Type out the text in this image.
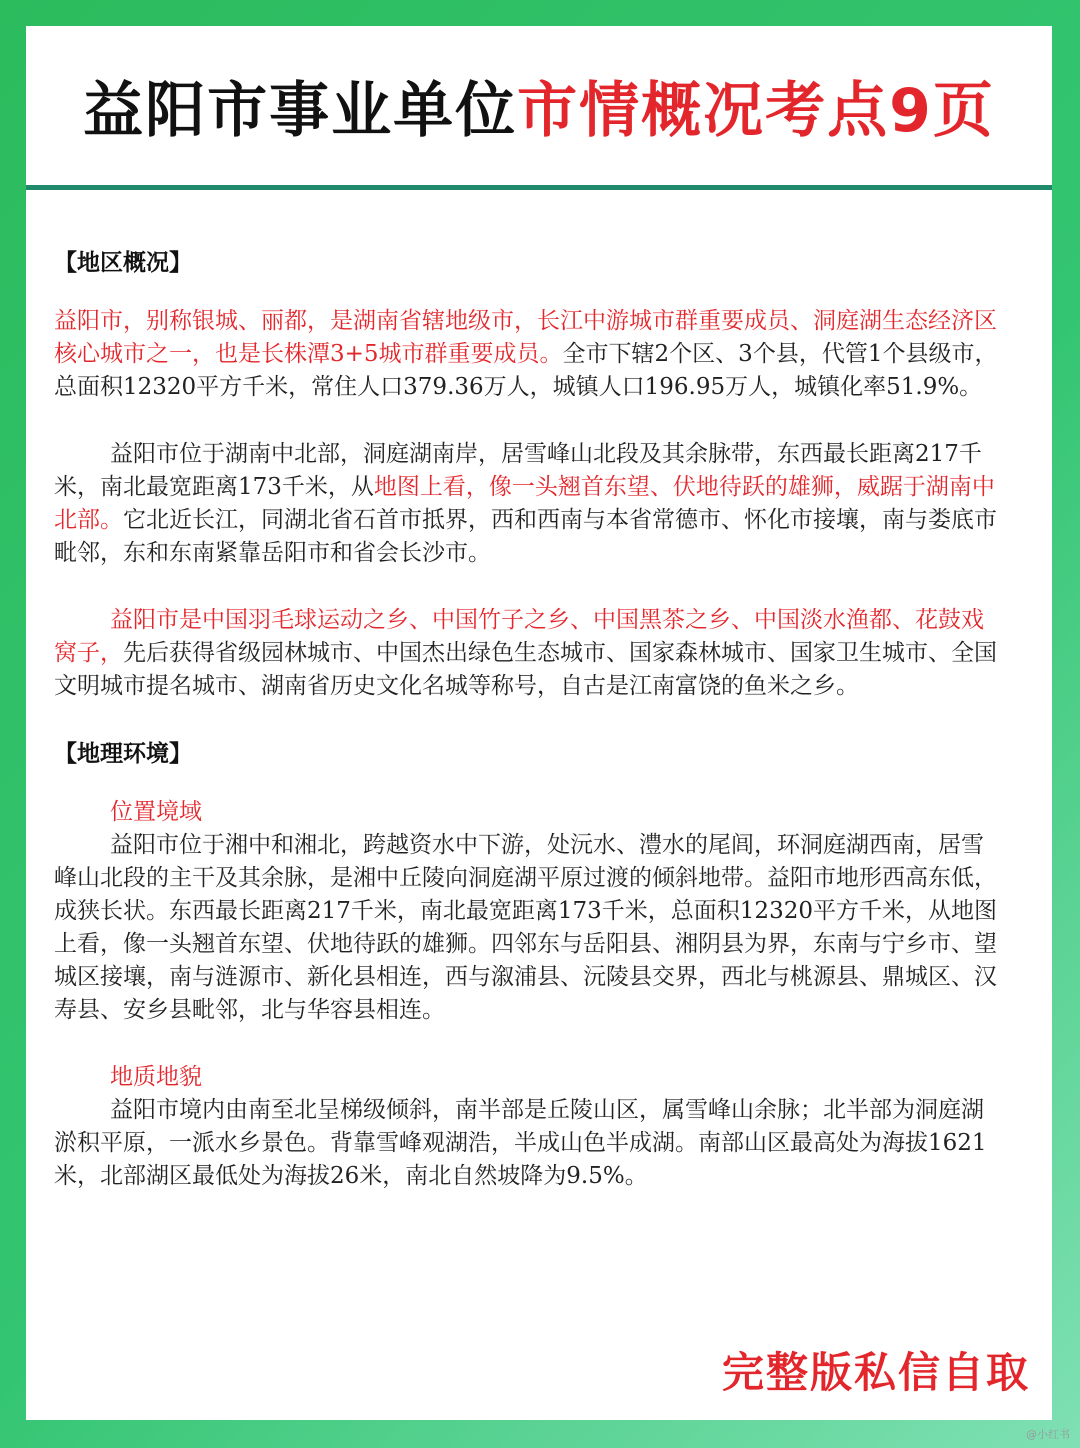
益阳市事业单位 市情概况考点9页
【地区概况】

益阳市，别称银城、丽都，是湖南省辖地级市，长江中游城市群重要成员、洞庭湖生态经济区核心城市之一，也是长株潭3+5城市群重要成员。全市下辖2个区、3个县，代管1个县级市，总面积12320平方千米，常住人口379.36万人，城镇人口196.95万人，城镇化率51.9%。

益阳市位于湖南中北部，洞庭湖南岸，居雪峰山北段及其余脉带，东西最长距离217千米，南北最宽距离173千米，从地图上看，像一头翘首东望、伏地待跃的雄狮，威踞于湖南中北部。它北近长江，同湖北省石首市抵界，西和西南与本省常德市、怀化市接壤，南与娄底市毗邻，东和东南紧靠岳阳市和省会长沙市。

益阳市是中国羽毛球运动之乡、中国竹子之乡、中国黑茶之乡、中国淡水渔都、花鼓戏窝子，先后获得省级园林城市、中国杰出绿色生态城市、国家森林城市、国家卫生城市、全国文明城市提名城市、湖南省历史文化名城等称号，自古是江南富饶的鱼米之乡。

【地理环境】

位置境域

益阳市位于湘中和湘北，跨越资水中下游，处沅水、澧水的尾闾，环洞庭湖西南，居雪峰山北段的主干及其余脉，是湘中丘陵向洞庭湖平原过渡的倾斜地带。益阳市地形西高东低，成狭长状。东西最长距离217千米，南北最宽距离173千米，总面积12320平方千米，从地图上看，像一头翘首东望、伏地待跃的雄狮。四邻东与岳阳县、湘阴县为界，东南与宁乡市、望城区接壤，南与涟源市、新化县相连，西与溆浦县、沅陵县交界，西北与桃源县、鼎城区、汉寿县、安乡县毗邻，北与华容县相连。

地质地貌

益阳市境内由南至北呈梯级倾斜，南半部是丘陵山区，属雪峰山余脉；北半部为洞庭湖淤积平原，一派水乡景色。背靠雪峰观湖浩，半成山色半成湖。南部山区最高处为海拔1621米，北部湖区最低处为海拔26米，南北自然坡降为9.5%。

完整版私信自取
@小红书
